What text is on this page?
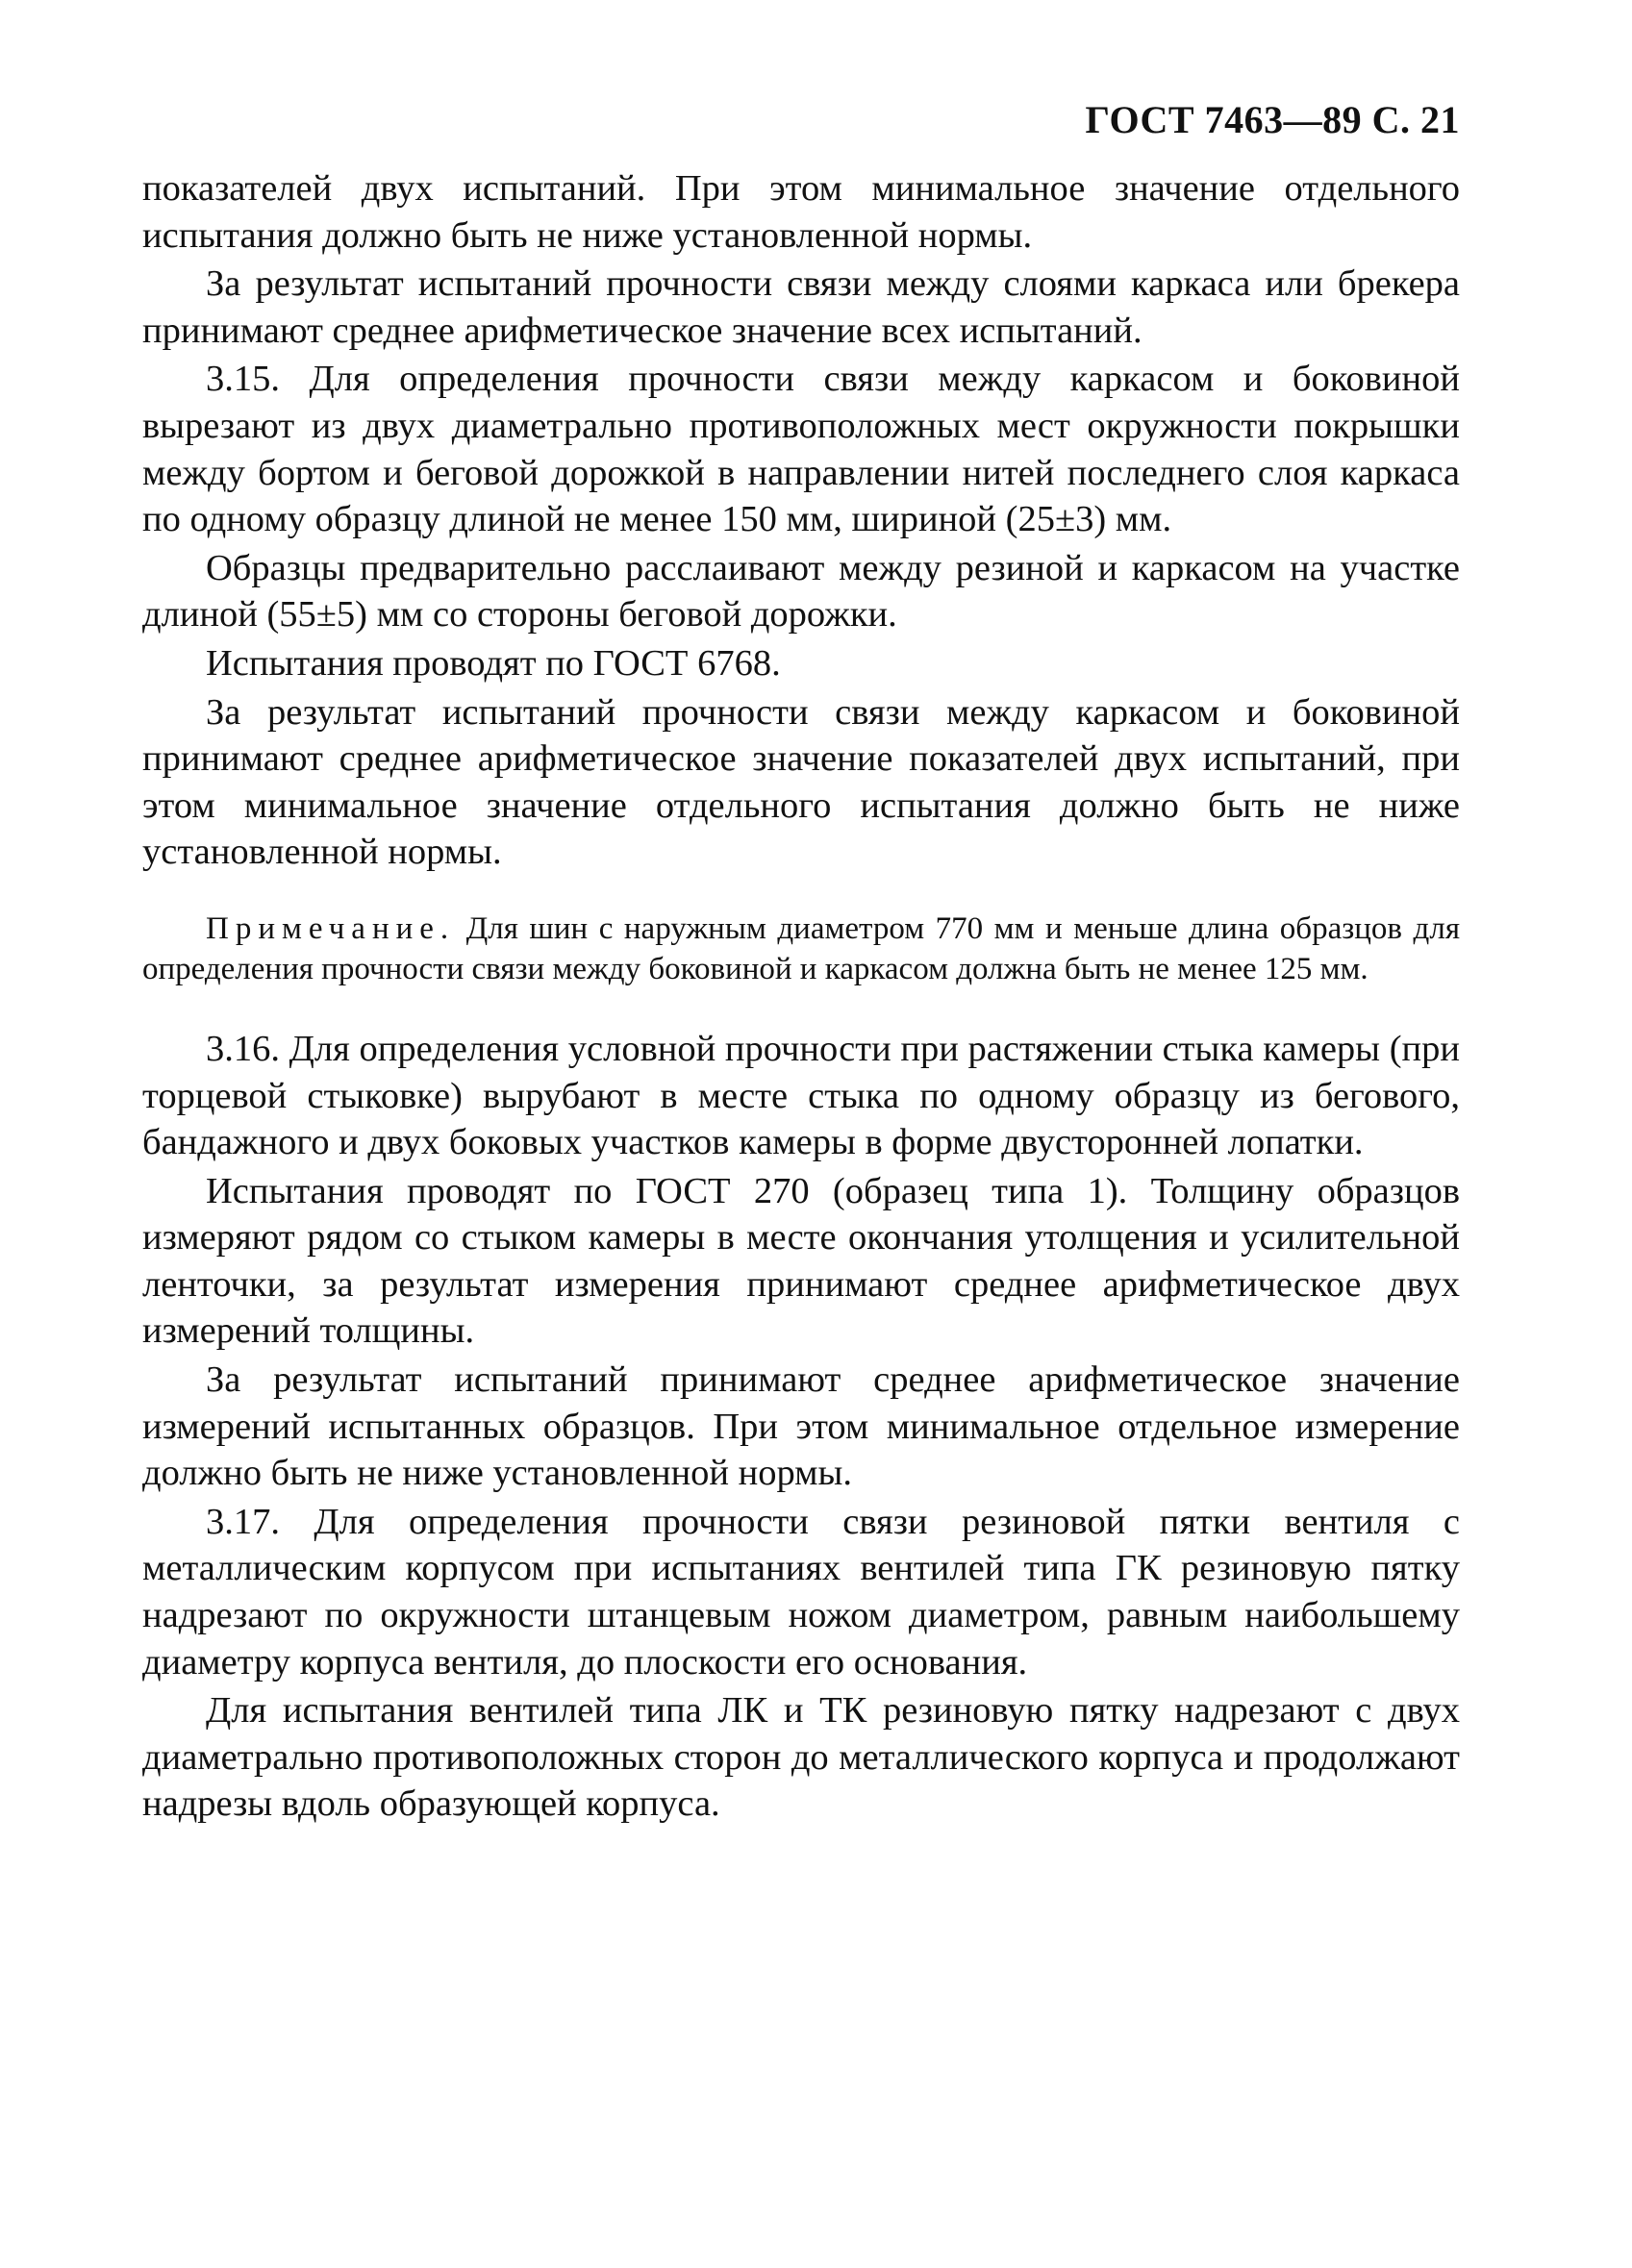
ГОСТ 7463—89 С. 21

показателей двух испытаний. При этом минимальное значение отдельного испытания должно быть не ниже установленной нормы.

За результат испытаний прочности связи между слоями каркаса или брекера принимают среднее арифметическое значение всех испытаний.

3.15. Для определения прочности связи между каркасом и боковиной вырезают из двух диаметрально противоположных мест окружности покрышки между бортом и беговой дорожкой в направлении нитей последнего слоя каркаса по одному образцу длиной не менее 150 мм, шириной (25±3) мм.

Образцы предварительно расслаивают между резиной и каркасом на участке длиной (55±5) мм со стороны беговой дорожки.

Испытания проводят по ГОСТ 6768.

За результат испытаний прочности связи между каркасом и боковиной принимают среднее арифметическое значение показателей двух испытаний, при этом минимальное значение отдельного испытания должно быть не ниже установленной нормы.

Примечание. Для шин с наружным диаметром 770 мм и меньше длина образцов для определения прочности связи между боковиной и каркасом должна быть не менее 125 мм.

3.16. Для определения условной прочности при растяжении стыка камеры (при торцевой стыковке) вырубают в месте стыка по одному образцу из бегового, бандажного и двух боковых участков камеры в форме двусторонней лопатки.

Испытания проводят по ГОСТ 270 (образец типа 1). Толщину образцов измеряют рядом со стыком камеры в месте окончания утолщения и усилительной ленточки, за результат измерения принимают среднее арифметическое двух измерений толщины.

За результат испытаний принимают среднее арифметическое значение измерений испытанных образцов. При этом минимальное отдельное измерение должно быть не ниже установленной нормы.

3.17. Для определения прочности связи резиновой пятки вентиля с металлическим корпусом при испытаниях вентилей типа ГК резиновую пятку надрезают по окружности штанцевым ножом диаметром, равным наибольшему диаметру корпуса вентиля, до плоскости его основания.

Для испытания вентилей типа ЛК и ТК резиновую пятку надрезают с двух диаметрально противоположных сторон до металлического корпуса и продолжают надрезы вдоль образующей корпуса.
